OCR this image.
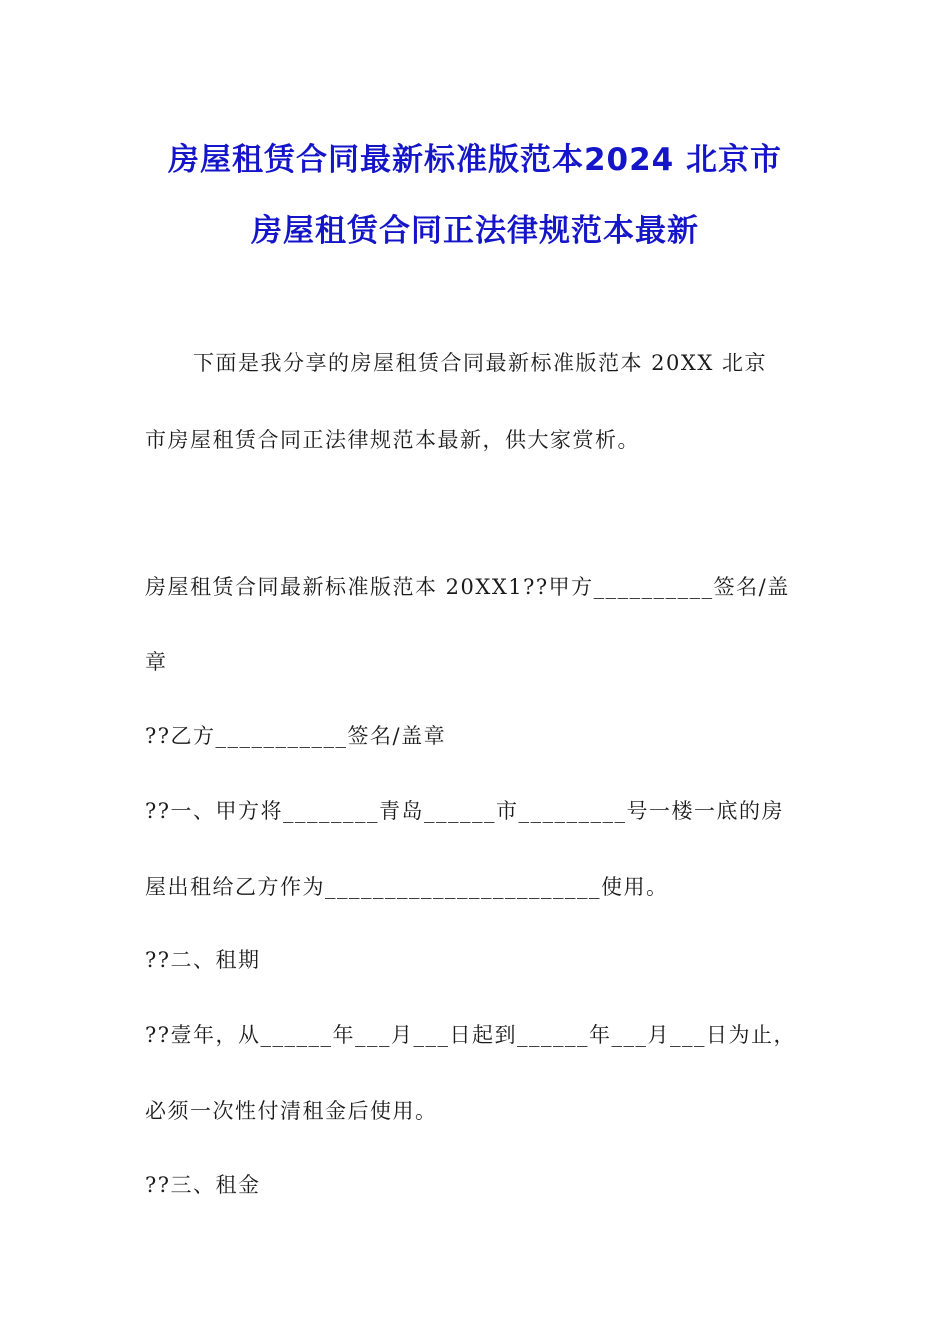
房屋租赁合同最新标准版范本2024 北京市
房屋租赁合同正法律规范本最新
下面是我分享的房屋租赁合同最新标准版范本 20XX 北京
市房屋租赁合同正法律规范本最新，供大家赏析。
房屋租赁合同最新标准版范本 20XX1??甲方__________签名/盖
章
??乙方___________签名/盖章
??一、甲方将________青岛______市_________号一楼一底的房
屋出租给乙方作为_______________________使用。
??二、租期
??壹年，从______年___月___日起到______年___月___日为止，
必须一次性付清租金后使用。
??三、租金
